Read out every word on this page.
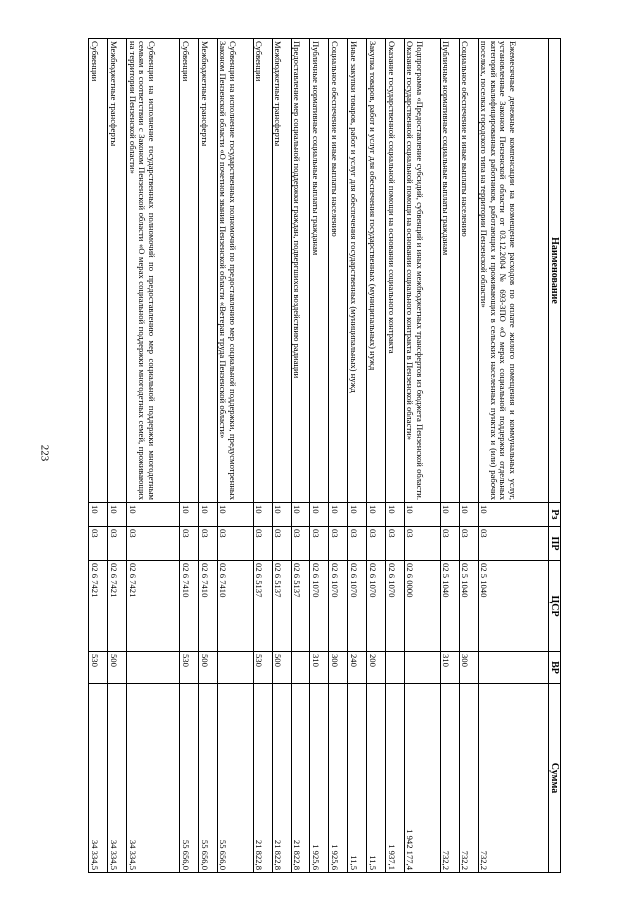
223
Наименование	Рз	ПР	ЦСР	ВР	Сумма
Ежемесячные денежные компенсации на возмещение расходов по оплате жилого помещения и коммунальных услуг, установленные Законом Пензенской области от 03.12.2004 № 693-ЗПО «О мерах социальной поддержки отдельных категорий квалифицированных работников, работающих и проживающих в сельских населенных пунктах и (или) рабочих поселках, поселках городского типа на территории Пензенской области»	10	03	02 5 1040		732,2
Социальное обеспечение и иные выплаты населению	10	03	02 5 1040	300	732,2
Публичные нормативные социальные выплаты гражданам	10	03	02 5 1040	310	732,2
Подпрограмма «Предоставление субсидий, субвенций и иных межбюджетных трансфертов из бюджета Пензенской области. Оказание государственной социальной помощи на основании социального контракта в Пензенской области»	10	03	02 6 0000		1 942 177,4
Оказание государственной социальной помощи на основании социального контракта	10	03	02 6 1070		1 937,1
Закупка товаров, работ и услуг для обеспечения государственных (муниципальных) нужд	10	03	02 6 1070	200	11,5
Иные закупки товаров, работ и услуг для обеспечения государственных (муниципальных) нужд	10	03	02 6 1070	240	11,5
Социальное обеспечение и иные выплаты населению	10	03	02 6 1070	300	1 925,6
Публичные нормативные социальные выплаты гражданам	10	03	02 6 1070	310	1 925,6
Предоставление мер социальной поддержки граждан, подвергшихся воздействию радиации	10	03	02 6 5137		21 822,8
Межбюджетные трансферты	10	03	02 6 5137	500	21 822,8
Субвенции	10	03	02 6 5137	530	21 822,8
Субвенции на исполнение государственных полномочий по предоставлению мер социальной поддержки, предусмотренных Законом Пензенской области «О почетном звании Пензенской области «Ветеран труда Пензенской области»	10	03	02 6 7410		55 656,0
Межбюджетные трансферты	10	03	02 6 7410	500	55 656,0
Субвенции	10	03	02 6 7410	530	55 656,0
Субвенции на исполнение государственных полномочий по предоставлению мер социальной поддержки многодетным семьям в соответствии с Законом Пензенской области «О мерах социальной поддержки многодетных семей, проживающих на территории Пензенской области»	10	03	02 6 7421		34 334,5
Межбюджетные трансферты	10	03	02 6 7421	500	34 334,5
Субвенции	10	03	02 6 7421	530	34 334,5
